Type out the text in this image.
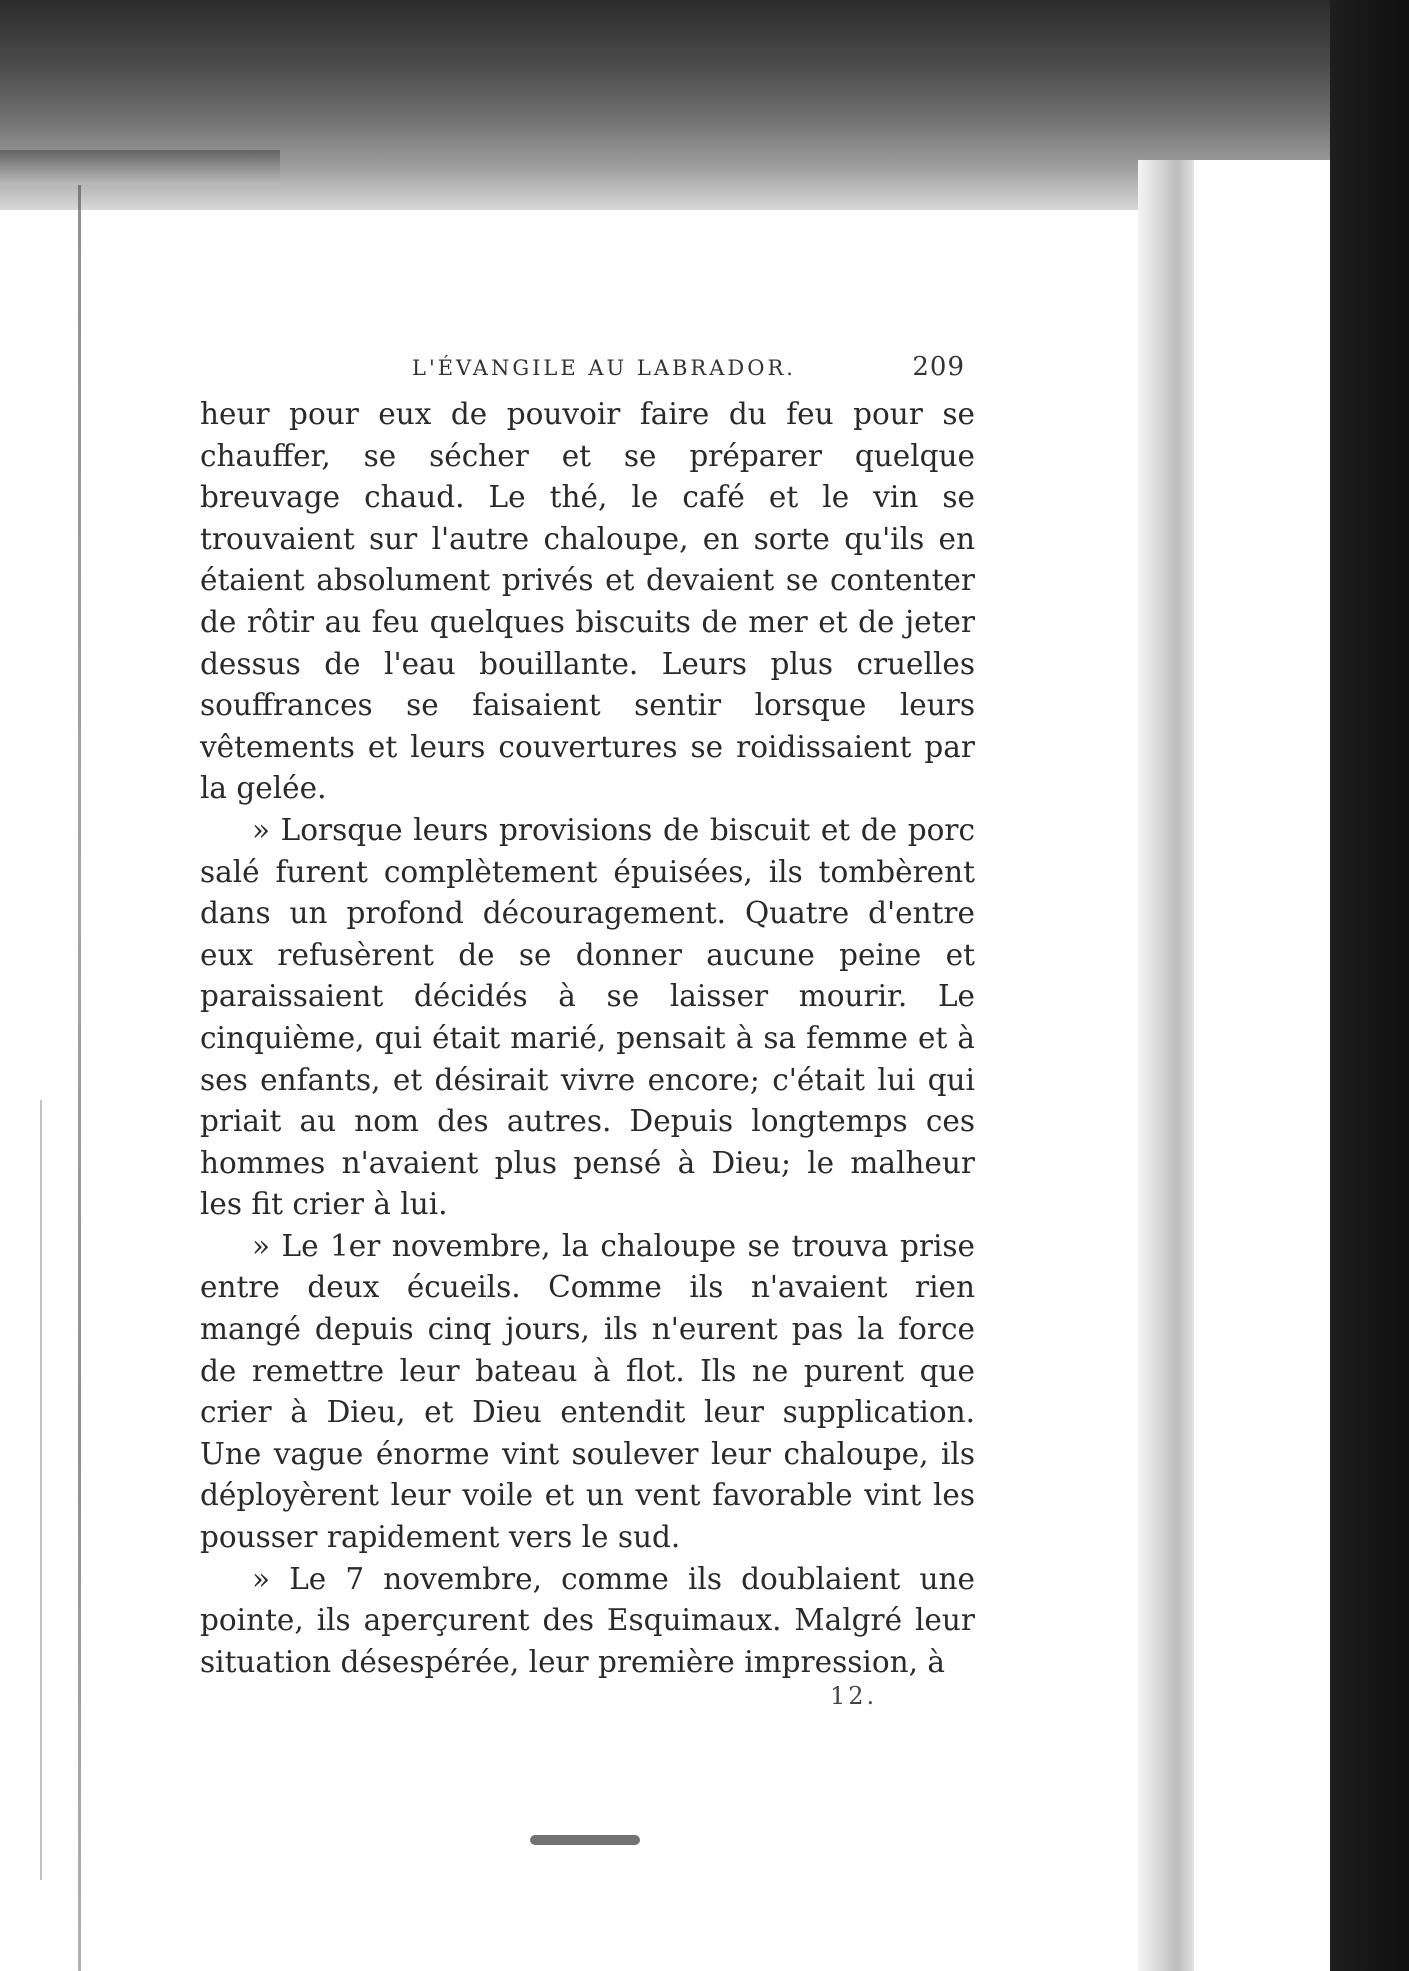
L'ÉVANGILE AU LABRADOR.	209

heur pour eux de pouvoir faire du feu pour se chauffer, se sécher et se préparer quelque breuvage chaud. Le thé, le café et le vin se trouvaient sur l'autre chaloupe, en sorte qu'ils en étaient absolument privés et devaient se contenter de rôtir au feu quelques biscuits de mer et de jeter dessus de l'eau bouillante. Leurs plus cruelles souffrances se faisaient sentir lorsque leurs vêtements et leurs couvertures se roidissaient par la gelée.

» Lorsque leurs provisions de biscuit et de porc salé furent complètement épuisées, ils tombèrent dans un profond découragement. Quatre d'entre eux refusèrent de se donner aucune peine et paraissaient décidés à se laisser mourir. Le cinquième, qui était marié, pensait à sa femme et à ses enfants, et désirait vivre encore; c'était lui qui priait au nom des autres. Depuis longtemps ces hommes n'avaient plus pensé à Dieu; le malheur les fit crier à lui.

» Le 1er novembre, la chaloupe se trouva prise entre deux écueils. Comme ils n'avaient rien mangé depuis cinq jours, ils n'eurent pas la force de remettre leur bateau à flot. Ils ne purent que crier à Dieu, et Dieu entendit leur supplication. Une vague énorme vint soulever leur chaloupe, ils déployèrent leur voile et un vent favorable vint les pousser rapidement vers le sud.

» Le 7 novembre, comme ils doublaient une pointe, ils aperçurent des Esquimaux. Malgré leur situation désespérée, leur première impression, à

12.
